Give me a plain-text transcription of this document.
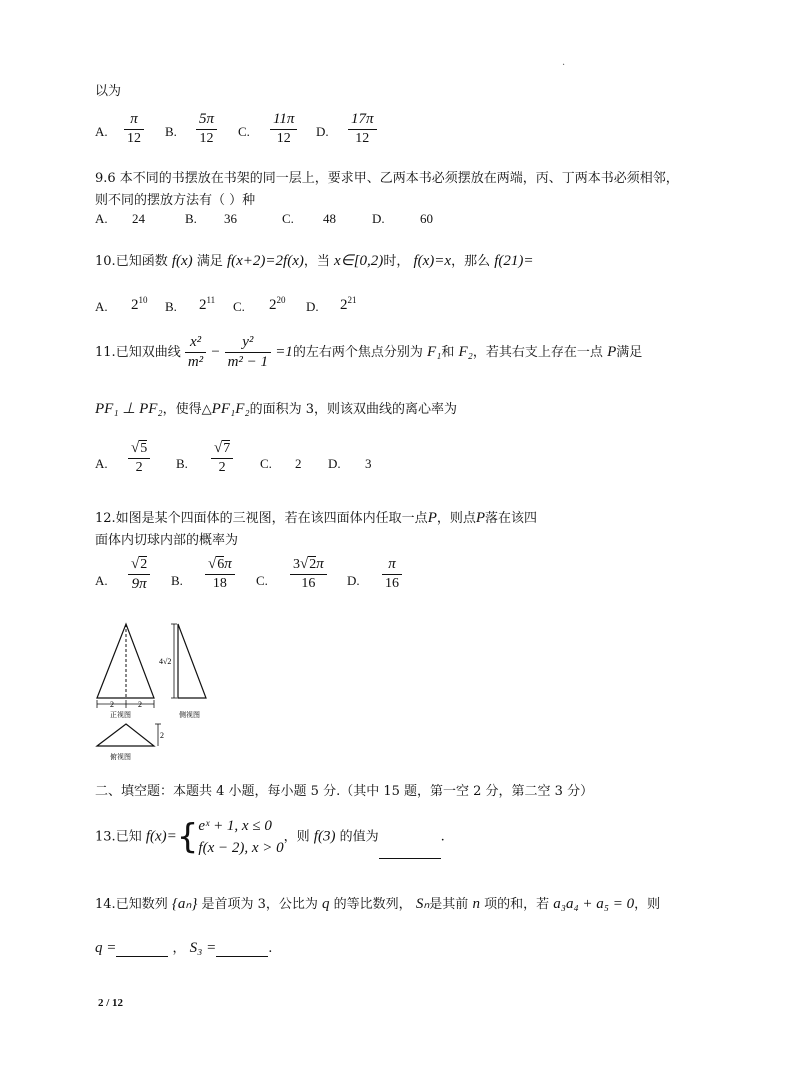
·
以为
A. $\frac{\pi}{12} B$. $\frac{5\pi}{12} C$. $\frac{11\pi}{12} D$. $\frac{17\pi}{12}$
9.6 本不同的书摆放在书架的同一层上，要求甲、乙两本书必须摆放在两端，丙、丁两本书必须相邻，
则不同的摆放方法有（ ）种
A. 24	B. 36	C. 48	D.	60
10.已知函数 f(x) 满足 f(x+2)=2f(x)，当 x∈[0,2)时， f(x)=x，那么 f(21)=
A. $2^{10}$ B. $2^{11}$ C. $2^{20}$ D. $2^{21}$
11.已知双曲线 $\frac{\text{x²}}{\text{m²}} - \frac{\text{y²}}{\text{m² − 1}} =1$的左右两个焦点分别为 F₁和 F₂，若其右支上存在一点 P满足
PF₁ ⊥ PF₂，使得△PF₁F₂的面积为 3，则该双曲线的离心率为
A. $\frac{√5}{2} B$. $\frac{√7}{2} C$. 2 D. 3
12.如图是某个四面体的三视图，若在该四面体内任取一点P，则点P落在该四
面体内切球内部的概率为
A. $\frac{√2}{9\pi} B$. $\frac{√6\pi}{18} C$. $\frac{3√2\pi}{16} D$. $\frac{\pi}{16}$
2	2
正视图
4√2
侧视图
2
俯视图
二、填空题：本题共 4 小题，每小题 5 分.（其中 15 题，第一空 2 分，第二空 3 分）
13.已知 f(x)={ eˣ + 1, x ≤ 0
f(x − 2), x > 0
，则 f(3) 的值为	.
14.已知数列 {aₙ} 是首项为 3，公比为 q 的等比数列， Sₙ是其前 n 项的和，若 a₃a₄ + a₅ = 0，则
q =	， S₃ =	.
2 / 12
